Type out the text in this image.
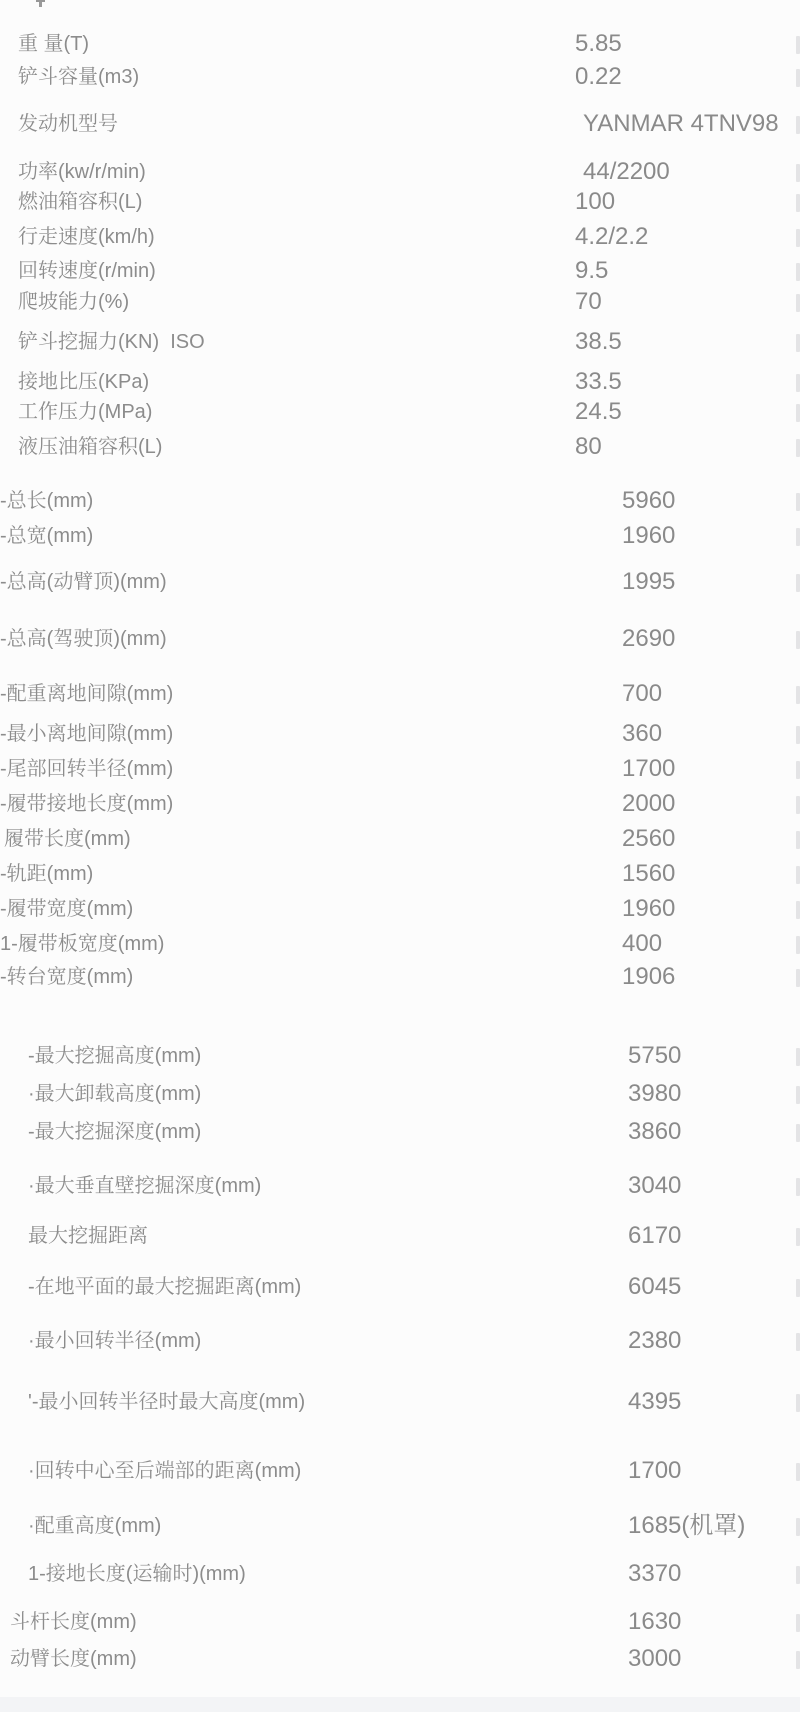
重 量(T)	5.85
铲斗容量(m3)	0.22
发动机型号	YANMAR 4TNV98
功率(kw/r/min)	44/2200
燃油箱容积(L)	100
行走速度(km/h)	4.2/2.2
回转速度(r/min)	9.5
爬坡能力(%)	70
铲斗挖掘力(KN)  ISO	38.5
接地比压(KPa)	33.5
工作压力(MPa)	24.5
液压油箱容积(L)	80
-总长(mm)	5960
-总宽(mm)	1960
-总高(动臂顶)(mm)	1995
-总高(驾驶顶)(mm)	2690
-配重离地间隙(mm)	700
-最小离地间隙(mm)	360
-尾部回转半径(mm)	1700
-履带接地长度(mm)	2000
履带长度(mm)	2560
-轨距(mm)	1560
-履带宽度(mm)	1960
1-履带板宽度(mm)	400
-转台宽度(mm)	1906
-最大挖掘高度(mm)	5750
·最大卸载高度(mm)	3980
-最大挖掘深度(mm)	3860
·最大垂直壁挖掘深度(mm)	3040
最大挖掘距离	6170
-在地平面的最大挖掘距离(mm)	6045
·最小回转半径(mm)	2380
'-最小回转半径时最大高度(mm)	4395
·回转中心至后端部的距离(mm)	1700
·配重高度(mm)	1685(机罩)
1-接地长度(运输时)(mm)	3370
斗杆长度(mm)	1630
动臂长度(mm)	3000
